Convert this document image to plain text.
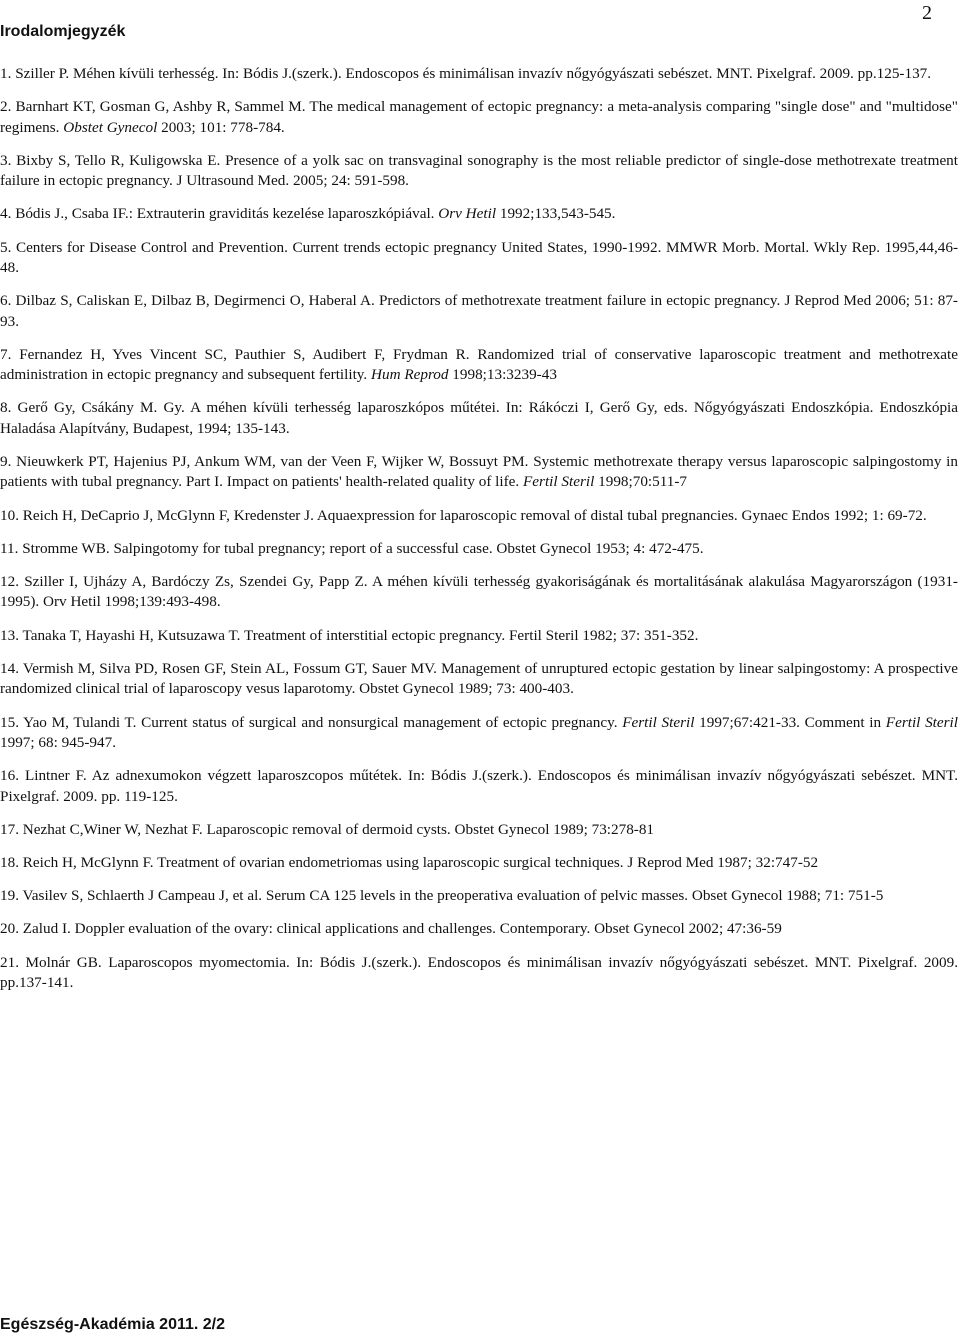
2
Irodalomjegyzék

1. Sziller P. Méhen kívüli terhesség. In: Bódis J.(szerk.). Endoscopos és minimálisan invazív nőgyógyászati sebészet. MNT. Pixelgraf. 2009. pp.125-137.

2. Barnhart KT, Gosman G, Ashby R, Sammel M. The medical management of ectopic pregnancy: a meta-analysis comparing "single dose" and "multidose" regimens. Obstet Gynecol 2003; 101: 778-784.

3. Bixby S, Tello R, Kuligowska E. Presence of a yolk sac on transvaginal sonography is the most reliable predictor of single-dose methotrexate treatment failure in ectopic pregnancy. J Ultrasound Med. 2005; 24: 591-598.

4. Bódis J., Csaba IF.: Extrauterin graviditás kezelése laparoszkópiával. Orv Hetil 1992;133,543-545.

5. Centers for Disease Control and Prevention. Current trends ectopic pregnancy United States, 1990-1992. MMWR Morb. Mortal. Wkly Rep. 1995,44,46-48.

6. Dilbaz S, Caliskan E, Dilbaz B, Degirmenci O, Haberal A. Predictors of methotrexate treatment failure in ectopic pregnancy. J Reprod Med 2006; 51: 87-93.

7. Fernandez H, Yves Vincent SC, Pauthier S, Audibert F, Frydman R. Randomized trial of conservative laparoscopic treatment and methotrexate administration in ectopic pregnancy and subsequent fertility. Hum Reprod 1998;13:3239-43

8. Gerő Gy, Csákány M. Gy. A méhen kívüli terhesség laparoszkópos műtétei. In: Rákóczi I, Gerő Gy, eds. Nőgyógyászati Endoszkópia. Endoszkópia Haladása Alapítvány, Budapest, 1994; 135-143.

9. Nieuwkerk PT, Hajenius PJ, Ankum WM, van der Veen F, Wijker W, Bossuyt PM. Systemic methotrexate therapy versus laparoscopic salpingostomy in patients with tubal pregnancy. Part I. Impact on patients' health-related quality of life. Fertil Steril 1998;70:511-7

10. Reich H, DeCaprio J, McGlynn F, Kredenster J. Aquaexpression for laparoscopic removal of distal tubal pregnancies. Gynaec Endos 1992; 1: 69-72.

11. Stromme WB. Salpingotomy for tubal pregnancy; report of a successful case. Obstet Gynecol 1953; 4: 472-475.

12. Sziller I, Ujházy A, Bardóczy Zs, Szendei Gy, Papp Z. A méhen kívüli terhesség gyakoriságának és mortalitásának alakulása Magyarországon (1931-1995). Orv Hetil 1998;139:493-498.

13. Tanaka T, Hayashi H, Kutsuzawa T. Treatment of interstitial ectopic pregnancy. Fertil Steril 1982; 37: 351-352.

14. Vermish M, Silva PD, Rosen GF, Stein AL, Fossum GT, Sauer MV. Management of unruptured ectopic gestation by linear salpingostomy: A prospective randomized clinical trial of laparoscopy vesus laparotomy. Obstet Gynecol 1989; 73: 400-403.

15. Yao M, Tulandi T. Current status of surgical and nonsurgical management of ectopic pregnancy. Fertil Steril 1997;67:421-33. Comment in Fertil Steril 1997; 68: 945-947.

16. Lintner F. Az adnexumokon végzett laparoszcopos műtétek. In: Bódis J.(szerk.). Endoscopos és minimálisan invazív nőgyógyászati sebészet. MNT. Pixelgraf. 2009. pp. 119-125.

17. Nezhat C,Winer W, Nezhat F. Laparoscopic removal of dermoid cysts. Obstet Gynecol 1989; 73:278-81

18. Reich H, McGlynn F. Treatment of ovarian endometriomas using laparoscopic surgical techniques. J Reprod Med 1987; 32:747-52

19. Vasilev S, Schlaerth J Campeau J, et al. Serum CA 125 levels in the preoperativa evaluation of pelvic masses. Obset Gynecol 1988; 71: 751-5

20. Zalud I. Doppler evaluation of the ovary: clinical applications and challenges. Contemporary. Obset Gynecol 2002; 47:36-59

21. Molnár GB. Laparoscopos myomectomia. In: Bódis J.(szerk.). Endoscopos és minimálisan invazív nőgyógyászati sebészet. MNT. Pixelgraf. 2009. pp.137-141.

Egészség-Akadémia 2011. 2/2
